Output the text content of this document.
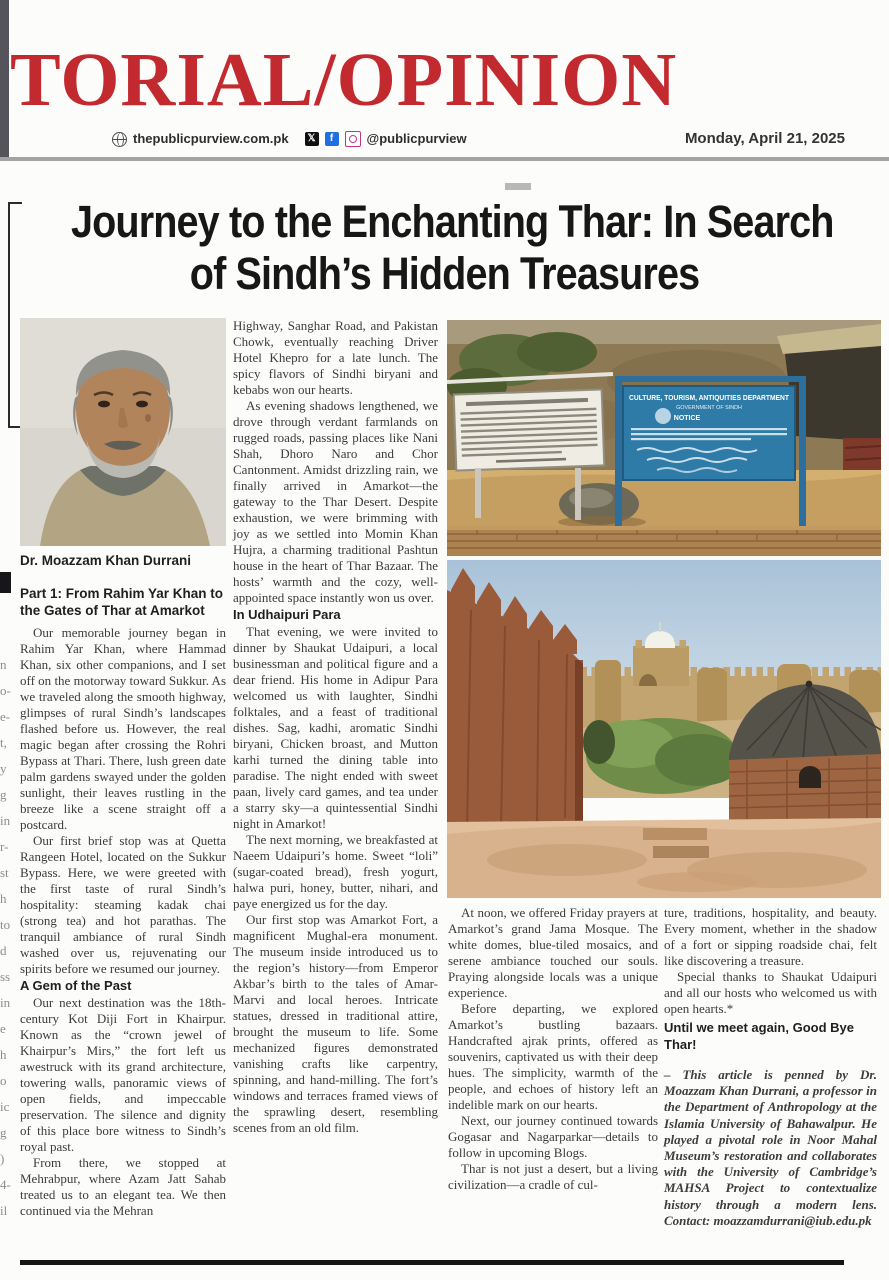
n
o-
e-
t,
y
g
in
r-
st
h
to
d
ss
in
e
h
o
ic
g
)
4-
il
TORIAL/OPINION
thepublicpurview.com.pk 𝕏	f	@publicpurview	Monday, April 21, 2025
Journey to the Enchanting Thar: In Search
of Sindh’s Hidden Treasures
Dr. Moazzam Khan Durrani
Part 1: From Rahim Yar Khan to the Gates of Thar at Amarkot

Our memorable journey began in Rahim Yar Khan, where Hammad Khan, six other companions, and I set off on the motorway toward Sukkur. As we traveled along the smooth highway, glimpses of rural Sindh’s landscapes flashed before us. However, the real magic began after crossing the Rohri Bypass at Thari. There, lush green date palm gardens swayed under the golden sunlight, their leaves rustling in the breeze like a scene straight off a postcard.

Our first brief stop was at Quetta Rangeen Hotel, located on the Sukkur Bypass. Here, we were greeted with the first taste of rural Sindh’s hospitality: steaming kadak chai (strong tea) and hot parathas. The tranquil ambiance of rural Sindh washed over us, rejuvenating our spirits before we resumed our journey.

A Gem of the Past

Our next destination was the 18th-century Kot Diji Fort in Khairpur. Known as the “crown jewel of Khairpur’s Mirs,” the fort left us awestruck with its grand architecture, towering walls, panoramic views of open fields, and impeccable preservation. The silence and dignity of this place bore witness to Sindh’s royal past.

From there, we stopped at Mehrabpur, where Azam Jatt Sahab treated us to an elegant tea. We then continued via the Mehran

Highway, Sanghar Road, and Pakistan Chowk, eventually reaching Driver Hotel Khepro for a late lunch. The spicy flavors of Sindhi biryani and kebabs won our hearts.

As evening shadows lengthened, we drove through verdant farmlands on rugged roads, passing places like Nani Shah, Dhoro Naro and Chor Cantonment. Amidst drizzling rain, we finally arrived in Amarkot—the gateway to the Thar Desert. Despite exhaustion, we were brimming with joy as we settled into Momin Khan Hujra, a charming traditional Pashtun house in the heart of Thar Bazaar. The hosts’ warmth and the cozy, well-appointed space instantly won us over.

In Udhaipuri Para

That evening, we were invited to dinner by Shaukat Udaipuri, a local businessman and political figure and a dear friend. His home in Adipur Para welcomed us with laughter, Sindhi folktales, and a feast of traditional dishes. Sag, kadhi, aromatic Sindhi biryani, Chicken broast, and Mutton karhi turned the dining table into paradise. The night ended with sweet paan, lively card games, and tea under a starry sky—a quintessential Sindhi night in Amarkot!

The next morning, we breakfasted at Naeem Udaipuri’s home. Sweet “loli” (sugar-coated bread), fresh yogurt, halwa puri, honey, butter, nihari, and paye energized us for the day.

Our first stop was Amarkot Fort, a magnificent Mughal-era monument. The museum inside introduced us to the region’s history—from Emperor Akbar’s birth to the tales of Amar-Marvi and local heroes. Intricate statues, dressed in traditional attire, brought the museum to life. Some mechanized figures demonstrated vanishing crafts like carpentry, spinning, and hand-milling. The fort’s windows and terraces framed views of the sprawling desert, resembling scenes from an old film.

CULTURE, TOURISM, ANTIQUITIES DEPARTMENT
GOVERNMENT OF SINDH
NOTICE

At noon, we offered Friday prayers at Amarkot’s grand Jama Mosque. The white domes, blue-tiled mosaics, and serene ambiance touched our souls. Praying alongside locals was a unique experience.

Before departing, we explored Amarkot’s bustling bazaars. Handcrafted ajrak prints, offered as souvenirs, captivated us with their deep hues. The simplicity, warmth of the people, and echoes of history left an indelible mark on our hearts.

Next, our journey continued towards Gogasar and Nagarparkar—details to follow in upcoming Blogs.

Thar is not just a desert, but a living civilization—a cradle of cul-

ture, traditions, hospitality, and beauty. Every moment, whether in the shadow of a fort or sipping roadside chai, felt like discovering a treasure.

Special thanks to Shaukat Udaipuri and all our hosts who welcomed us with open hearts.*

Until we meet again, Good Bye Thar!

– This article is penned by Dr. Moazzam Khan Durrani, a professor in the Department of Anthropology at the Islamia University of Bahawalpur. He played a pivotal role in Noor Mahal Museum’s restoration and collaborates with the University of Cambridge’s MAHSA Project to contextualize history through a modern lens. Contact: moazzamdurrani@iub.edu.pk
